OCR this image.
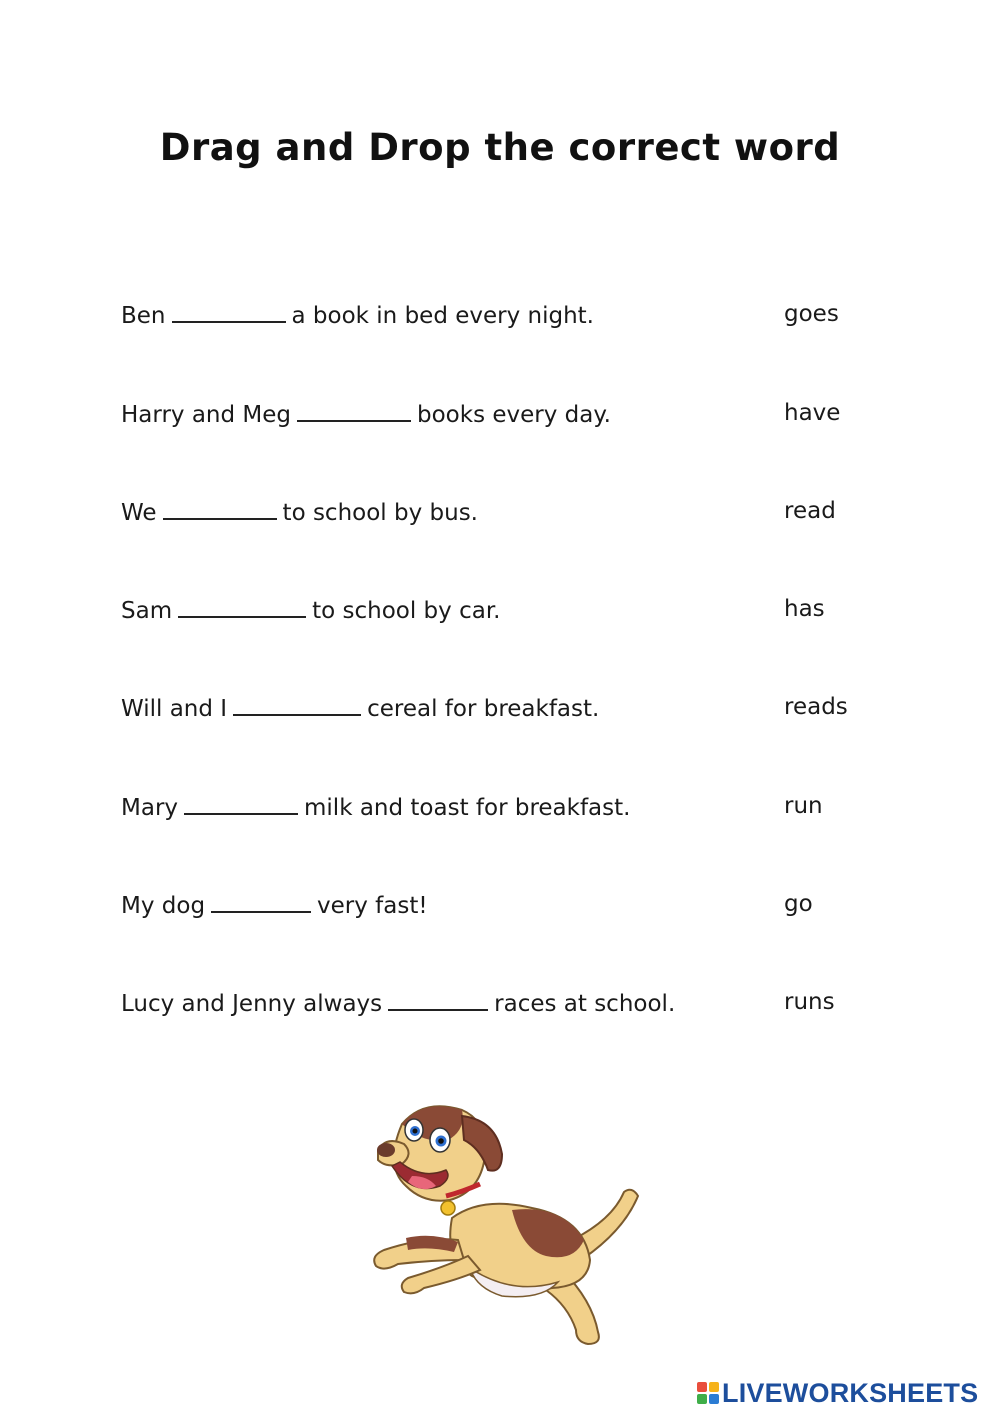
Drag and Drop the correct word
Ben	a book in bed every night.
Harry and Meg	books every day.
We	to school by bus.
Sam	to school by car.
Will and I	cereal for breakfast.
Mary	milk and toast for breakfast.
My dog	very fast!
Lucy and Jenny always	races at school.
goes
have
read
has
reads
run
go
runs
LIVEWORKSHEETS
